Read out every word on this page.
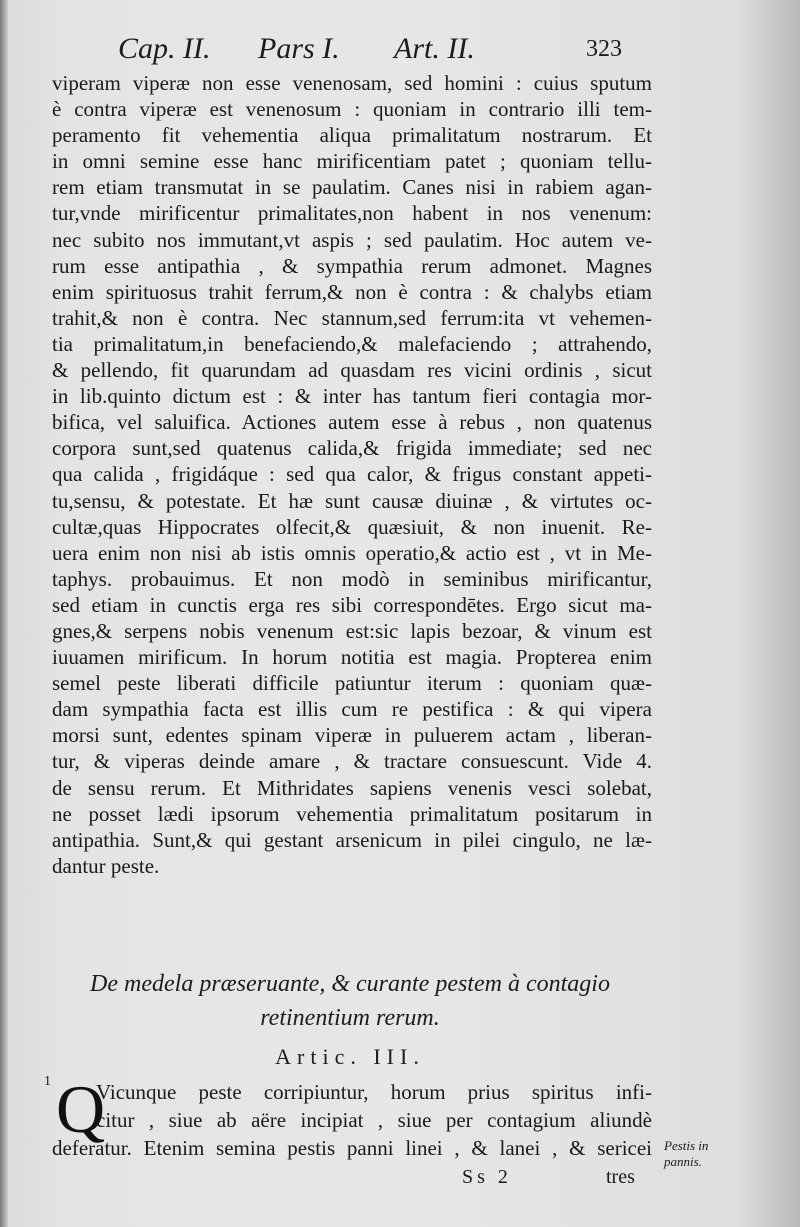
Cap. II. Pars I. Art. II.	323
viperam viperæ non esse venenosam, sed homini : cuius sputum
è contra viperæ est venenosum : quoniam in contrario illi tem-
peramento fit vehementia aliqua primalitatum nostrarum. Et
in omni semine esse hanc mirificentiam patet ; quoniam tellu-
rem etiam transmutat in se paulatim. Canes nisi in rabiem agan-
tur,vnde mirificentur primalitates,non habent in nos venenum:
nec subito nos immutant,vt aspis ; sed paulatim. Hoc autem ve-
rum esse antipathia , & sympathia rerum admonet. Magnes
enim spirituosus trahit ferrum,& non è contra : & chalybs etiam
trahit,& non è contra. Nec stannum,sed ferrum:ita vt vehemen-
tia primalitatum,in benefaciendo,& malefaciendo ; attrahendo,
& pellendo, fit quarundam ad quasdam res vicini ordinis , sicut
in lib.quinto dictum est : & inter has tantum fieri contagia mor-
bifica, vel saluifica. Actiones autem esse à rebus , non quatenus
corpora sunt,sed quatenus calida,& frigida immediate; sed nec
qua calida , frigidáque : sed qua calor, & frigus constant appeti-
tu,sensu, & potestate. Et hæ sunt causæ diuinæ , & virtutes oc-
cultæ,quas Hippocrates olfecit,& quæsiuit, & non inuenit. Re-
uera enim non nisi ab istis omnis operatio,& actio est , vt in Me-
taphys. probauimus. Et non modò in seminibus mirificantur,
sed etiam in cunctis erga res sibi correspondētes. Ergo sicut ma-
gnes,& serpens nobis venenum est:sic lapis bezoar, & vinum est
iuuamen mirificum. In horum notitia est magia. Propterea enim
semel peste liberati difficile patiuntur iterum : quoniam quæ-
dam sympathia facta est illis cum re pestifica : & qui vipera
morsi sunt, edentes spinam viperæ in puluerem actam , liberan-
tur, & viperas deinde amare , & tractare consuescunt. Vide 4.
de sensu rerum. Et Mithridates sapiens venenis vesci solebat,
ne posset lædi ipsorum vehementia primalitatum positarum in
antipathia. Sunt,& qui gestant arsenicum in pilei cingulo, ne læ-
dantur peste.
De medela præseruante, & curante pestem à contagio
retinentium rerum.
Artic. III.
1 Q
Vicunque peste corripiuntur, horum prius spiritus infi-
citur , siue ab aëre incipiat , siue per contagium aliundè
deferatur. Etenim semina pestis panni linei , & lanei , & sericei Pestis in pannis.
Ss 2	tres
